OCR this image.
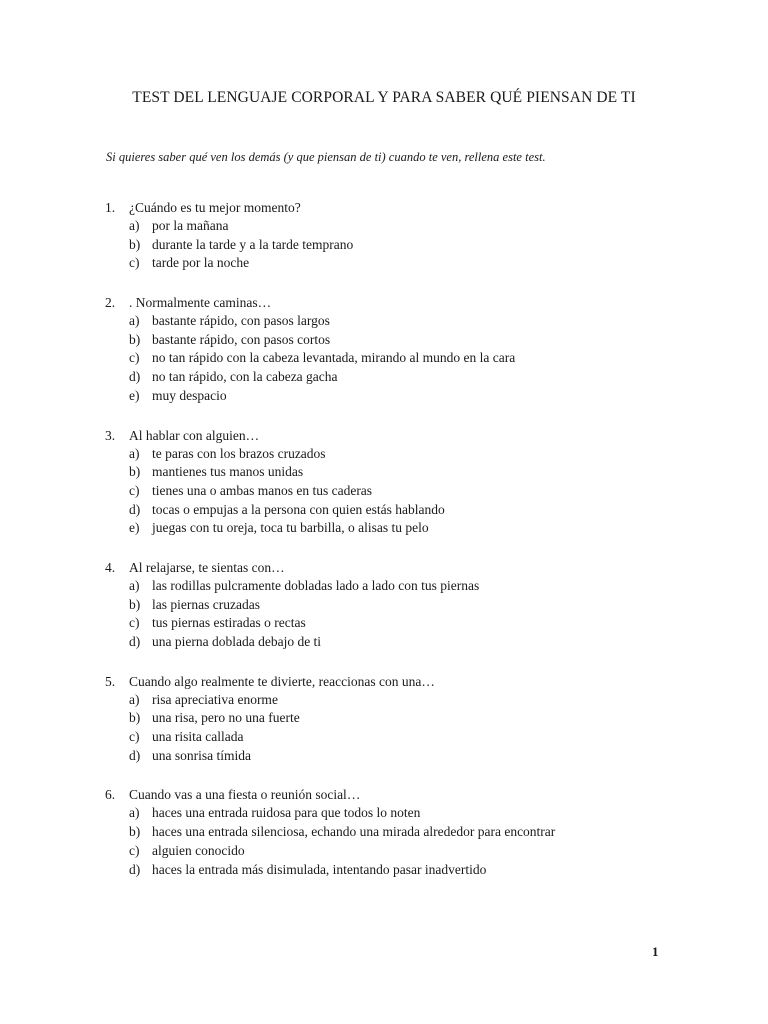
TEST DEL LENGUAJE CORPORAL Y PARA SABER QUÉ PIENSAN DE TI
Si quieres saber qué ven los demás (y que piensan de ti) cuando te ven, rellena este test.
1.	¿Cuándo es tu mejor momento?
a) por la mañana
b) durante la tarde y a la tarde temprano
c) tarde por la noche
2.	. Normalmente caminas…
a) bastante rápido, con pasos largos
b) bastante rápido, con pasos cortos
c) no tan rápido con la cabeza levantada, mirando al mundo en la cara
d) no tan rápido, con la cabeza gacha
e) muy despacio
3.	Al hablar con alguien…
a) te paras con los brazos cruzados
b) mantienes tus manos unidas
c) tienes una o ambas manos en tus caderas
d) tocas o empujas a la persona con quien estás hablando
e) juegas con tu oreja, toca tu barbilla, o alisas tu pelo
4.	Al relajarse, te sientas con…
a) las rodillas pulcramente dobladas lado a lado con tus piernas
b) las piernas cruzadas
c) tus piernas estiradas o rectas
d) una pierna doblada debajo de ti
5.	Cuando algo realmente te divierte, reaccionas con una…
a) risa apreciativa enorme
b) una risa, pero no una fuerte
c) una risita callada
d) una sonrisa tímida
6.	Cuando vas a una fiesta o reunión social…
a) haces una entrada ruidosa para que todos lo noten
b) haces una entrada silenciosa, echando una mirada alrededor para encontrar
c) alguien conocido
d) haces la entrada más disimulada, intentando pasar inadvertido
1
